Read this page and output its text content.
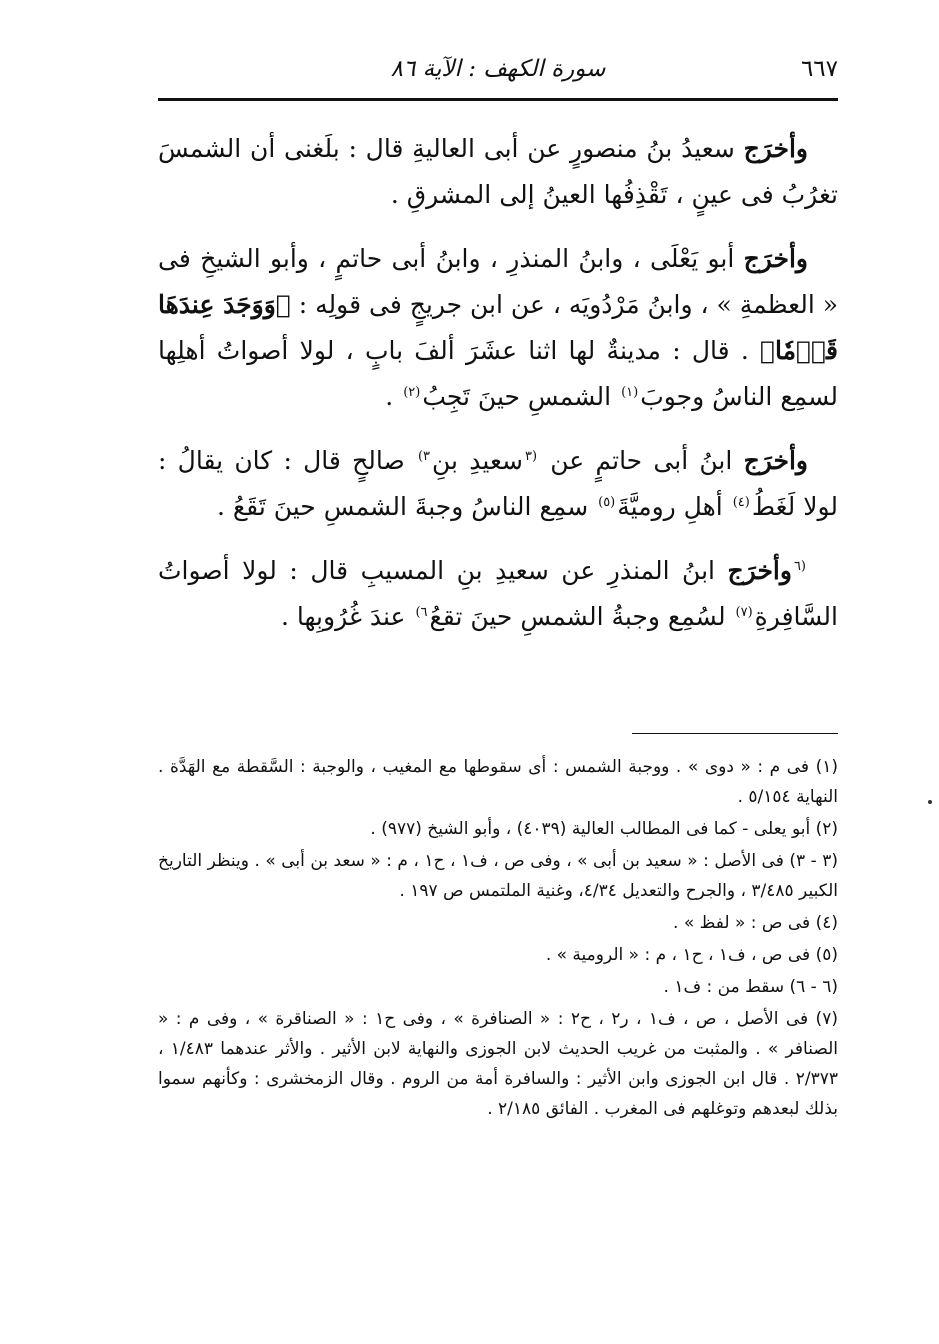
٦٦٧
سورة الكهف : الآية ٨٦

وأخرَج سعيدُ بنُ منصورٍ عن أبى العاليةِ قال : بلَغنى أن الشمسَ تغرُبُ فى عينٍ ، تَقْذِفُها العينُ إلى المشرقِ .

وأخرَج أبو يَعْلَى ، وابنُ المنذرِ ، وابنُ أبى حاتمٍ ، وأبو الشيخِ فى « العظمةِ » ، وابنُ مَرْدُويَه ، عن ابن جريجٍ فى قولِه : ﴿وَوَجَدَ عِندَهَا قَوۡمٗا﴾ . قال : مدينةٌ لها اثنا عشَرَ ألفَ بابٍ ، لولا أصواتُ أهلِها لسمِع الناسُ وجوبَ$^{(١)}$ الشمسِ حينَ تَجِبُ$^{(٢)}$ .

وأخرَج ابنُ أبى حاتمٍ عن $^{(٣}$سعيدِ بنِ$^{٣)}$ صالحٍ قال : كان يقالُ : لولا لَغَطُ$^{(٤)}$ أهلِ روميَّةَ$^{(٥)}$ سمِع الناسُ وجبةَ الشمسِ حينَ تَقَعُ .

$^{(٦}$وأخرَج ابنُ المنذرِ عن سعيدِ بنِ المسيبِ قال : لولا أصواتُ السَّافِرةِ$^{(٧)}$ لسُمِع وجبةُ الشمسِ حينَ تقعُ$^{٦)}$ عندَ غُرُوبِها .

(١) فى م : « دوى » . ووجبة الشمس : أى سقوطها مع المغيب ، والوجبة : السَّقطة مع الهَدَّة . النهاية ٥/١٥٤ .

(٢) أبو يعلى - كما فى المطالب العالية (٤٠٣٩) ، وأبو الشيخ (٩٧٧) .

(٣ - ٣) فى الأصل : « سعيد بن أبى » ، وفى ص ، ف١ ، ح١ ، م : « سعد بن أبى » . وينظر التاريخ الكبير ٣/٤٨٥ ، والجرح والتعديل ٤/٣٤، وغنية الملتمس ص ١٩٧ .

(٤) فى ص : « لفظ » .

(٥) فى ص ، ف١ ، ح١ ، م : « الرومية » .

(٦ - ٦) سقط من : ف١ .

(٧) فى الأصل ، ص ، ف١ ، ر٢ ، ح٢ : « الصنافرة » ، وفى ح١ : « الصناقرة » ، وفى م : « الصنافر » . والمثبت من غريب الحديث لابن الجوزى والنهاية لابن الأثير . والأثر عندهما ١/٤٨٣ ، ٢/٣٧٣ . قال ابن الجوزى وابن الأثير : والسافرة أمة من الروم . وقال الزمخشرى : وكأنهم سموا بذلك لبعدهم وتوغلهم فى المغرب . الفائق ٢/١٨٥ .
